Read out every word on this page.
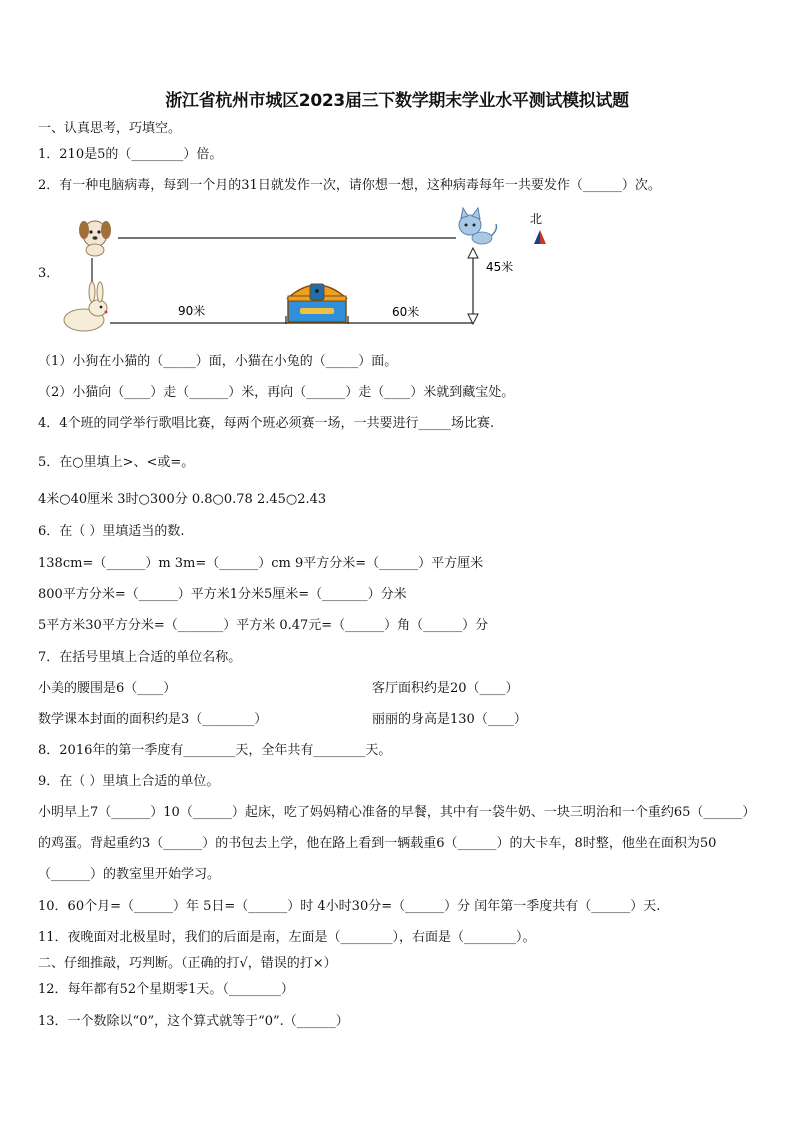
浙江省杭州市城区2023届三下数学期末学业水平测试模拟试题
一、认真思考，巧填空。
1．210是5的（________）倍。
2．有一种电脑病毒，每到一个月的31日就发作一次，请你想一想，这种病毒每年一共要发作（______）次。
3．
北
45米
90米	60米
（1）小狗在小猫的（_____）面，小猫在小兔的（_____）面。
（2）小猫向（____）走（______）米，再向（______）走（____）米就到藏宝处。
4．4个班的同学举行歌唱比赛，每两个班必须赛一场，一共要进行_____场比赛.
5．在○里填上>、<或=。
4米○40厘米 3时○300分 0.8○0.78 2.45○2.43
6．在（ ）里填适当的数.
138cm=（______）m 3m=（______）cm 9平方分米=（______）平方厘米
800平方分米=（______）平方米1分米5厘米=（_______）分米
5平方米30平方分米=（_______）平方米 0.47元=（______）角（______）分
7．在括号里填上合适的单位名称。
小美的腰围是6（____）	客厅面积约是20（____）
数学课本封面的面积约是3（________）	丽丽的身高是130（____）
8．2016年的第一季度有________天，全年共有________天。
9．在（ ）里填上合适的单位。
小明早上7（______）10（______）起床，吃了妈妈精心准备的早餐，其中有一袋牛奶、一块三明治和一个重约65（______）的鸡蛋。背起重约3（______）的书包去上学，他在路上看到一辆载重6（______）的大卡车，8时整，他坐在面积为50（______）的教室里开始学习。
10．60个月=（______）年 5日=（______）时 4小时30分=（______）分 闰年第一季度共有（______）天.
11．夜晚面对北极星时，我们的后面是南，左面是（________），右面是（________）。
二、仔细推敲，巧判断。（正确的打√，错误的打×）
12．每年都有52个星期零1天。（________）
13．一个数除以“0”，这个算式就等于“0”.（______）
